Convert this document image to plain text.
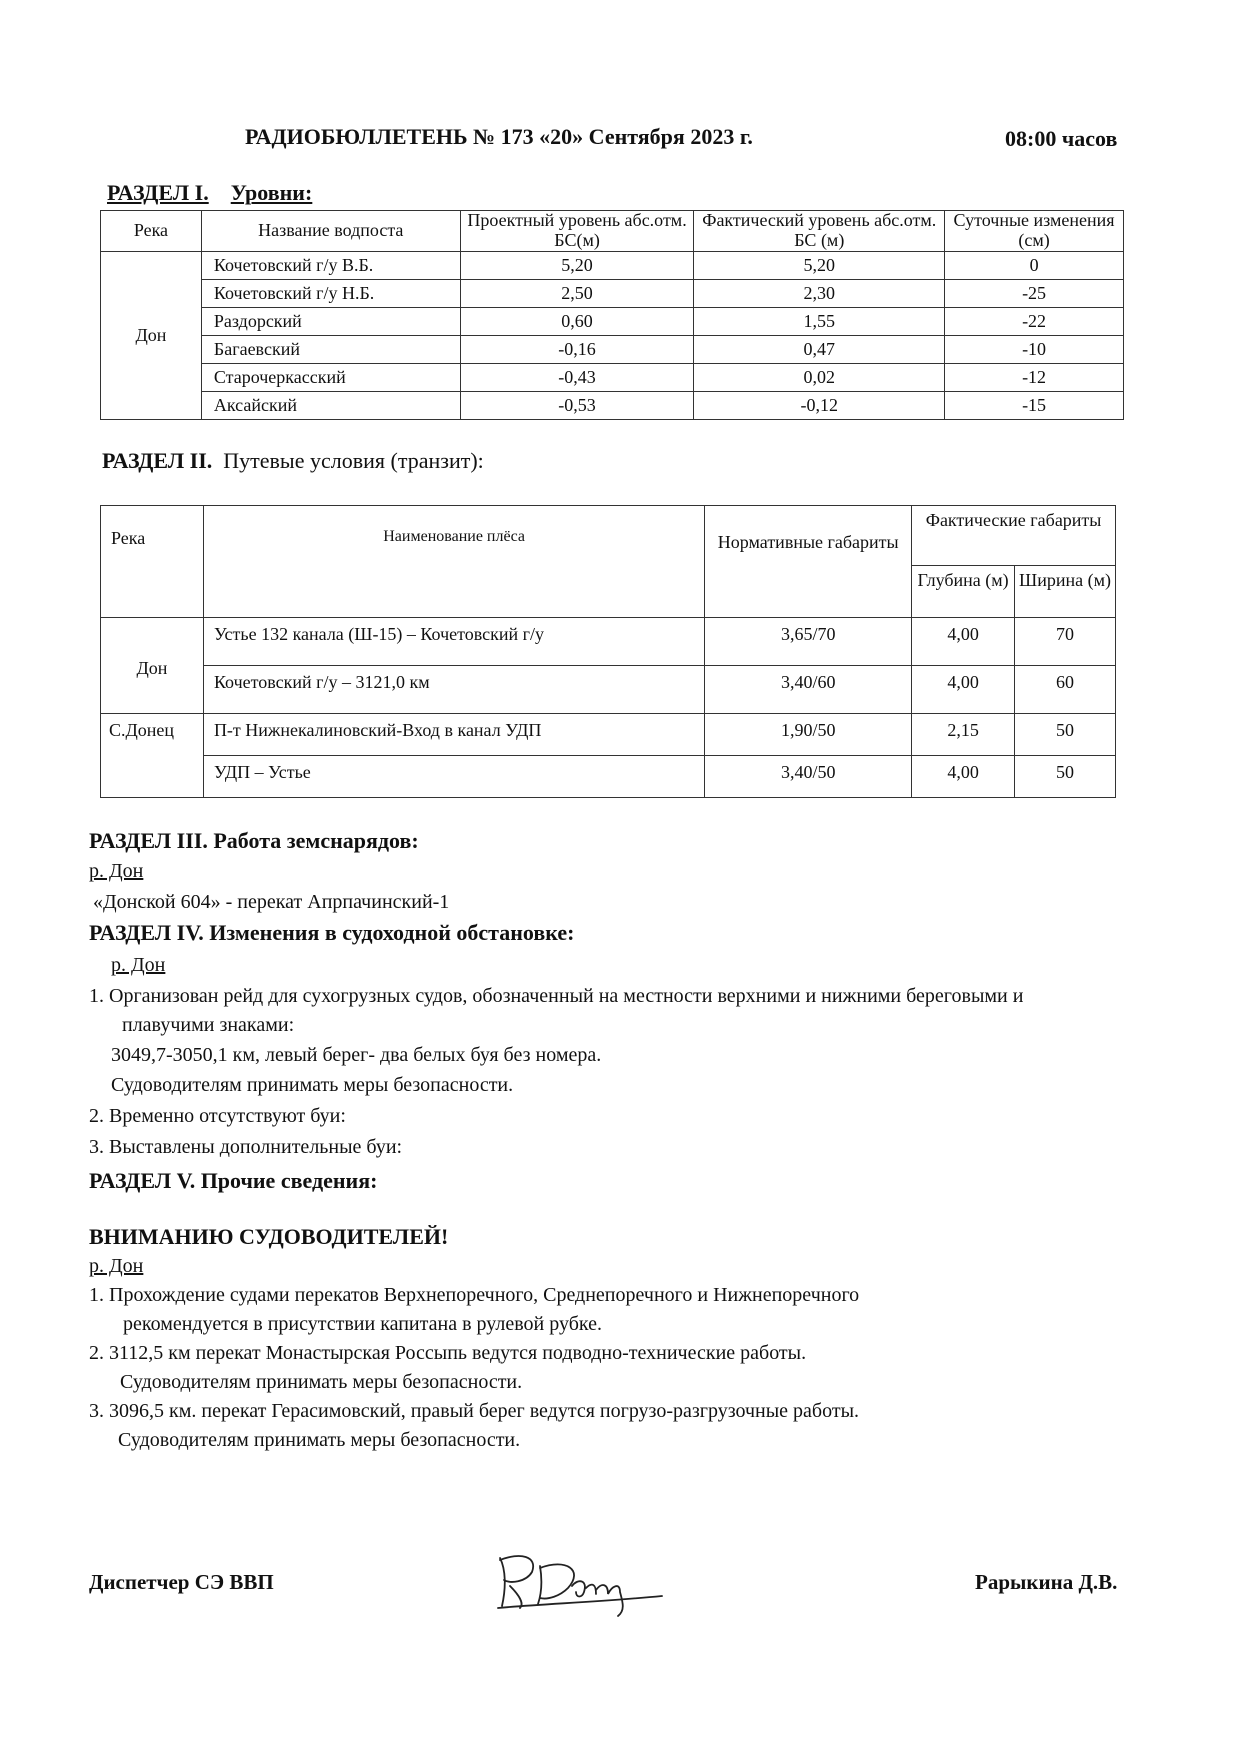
РАДИОБЮЛЛЕТЕНЬ № 173 «20» Сентября 2023 г.	08:00 часов
РАЗДЕЛ I. Уровни:
Река	Название водпоста	Проектный уровень абс.отм. БС(м)	Фактический уровень абс.отм. БС (м)	Суточные изменения (см)
Дон	Кочетовский г/у В.Б.	5,20	5,20	0
	Кочетовский г/у Н.Б.	2,50	2,30	-25
	Раздорский	0,60	1,55	-22
	Багаевский	-0,16	0,47	-10
	Старочеркасский	-0,43	0,02	-12
	Аксайский	-0,53	-0,12	-15
РАЗДЕЛ II. Путевые условия (транзит):
Река	Наименование плёса	Нормативные габариты	Фактические габариты	
			Глубина (м)	Ширина (м)
Дон	Устье 132 канала (Ш-15) – Кочетовский г/у	3,65/70	4,00	70
	Кочетовский г/у – 3121,0 км	3,40/60	4,00	60
С.Донец	П-т Нижнекалиновский-Вход в канал УДП	1,90/50	2,15	50
	УДП – Устье	3,40/50	4,00	50
РАЗДЕЛ III. Работа земснарядов:
р. Дон
«Донской 604» - перекат Апрпачинский-1
РАЗДЕЛ IV. Изменения в судоходной обстановке:
р. Дон
1. Организован рейд для сухогрузных судов, обозначенный на местности верхними и нижними береговыми и
плавучими знаками:
3049,7-3050,1 км, левый берег- два белых буя без номера.
Судоводителям принимать меры безопасности.
2. Временно отсутствуют буи:
3. Выставлены дополнительные буи:
РАЗДЕЛ V. Прочие сведения:
ВНИМАНИЮ СУДОВОДИТЕЛЕЙ!
р. Дон
1. Прохождение судами перекатов Верхнепоречного, Среднепоречного и Нижнепоречного
рекомендуется в присутствии капитана в рулевой рубке.
2. 3112,5 км перекат Монастырская Россыпь ведутся подводно-технические работы.
Судоводителям принимать меры безопасности.
3. 3096,5 км. перекат Герасимовский, правый берег ведутся погрузо-разгрузочные работы.
Судоводителям принимать меры безопасности.
Диспетчер СЭ ВВП	Рарыкина Д.В.
